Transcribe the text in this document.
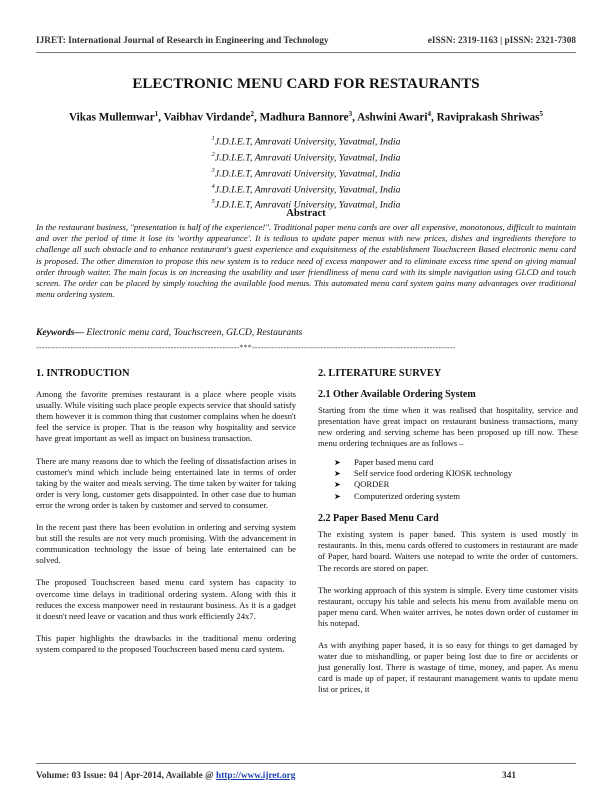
IJRET: International Journal of Research in Engineering and Technology	eISSN: 2319-1163 | pISSN: 2321-7308
ELECTRONIC MENU CARD FOR RESTAURANTS
Vikas Mullemwar$^1$, Vaibhav Virdande$^2$, Madhura Bannore$^3$, Ashwini Awari$^4$, Raviprakash Shriwas$^5$
$^1$J.D.I.E.T, Amravati University, Yavatmal, India
$^2$J.D.I.E.T, Amravati University, Yavatmal, India
$^3$J.D.I.E.T, Amravati University, Yavatmal, India
$^4$J.D.I.E.T, Amravati University, Yavatmal, India
$^5$J.D.I.E.T, Amravati University, Yavatmal, India
Abstract
In the restaurant business, "presentation is half of the experience!". Traditional paper menu cards are over all expensive, monotonous, difficult to maintain and over the period of time it lose its 'worthy appearance'. It is tedious to update paper menus with new prices, dishes and ingredients therefore to challenge all such obstacle and to enhance restaurant's guest experience and exquisiteness of the establishment Touchscreen Based electronic menu card is proposed. The other dimension to propose this new system is to reduce need of excess manpower and to eliminate excess time spend on giving manual order through waiter. The main focus is on increasing the usability and user friendliness of menu card with its simple navigation using GLCD and touch screen. The order can be placed by simply touching the available food menus. This automated menu card system gains many advantages over traditional menu ordering system.
Keywords— Electronic menu card, Touchscreen, GLCD, Restaurants
-----------------------------------------------------------------------***-----------------------------------------------------------------------
1. INTRODUCTION

Among the favorite premises restaurant is a place where people visits usually. While visiting such place people expects service that should satisfy them however it is common thing that customer complains when he doesn't feel the service is proper. That is the reason why hospitality and service have great important as well as impact on business transaction.

There are many reasons due to which the feeling of dissatisfaction arises in customer's mind which include being entertained late in terms of order taking by the waiter and meals serving. The time taken by waiter for taking order is very long, customer gets disappointed. In other case due to human error the wrong order is taken by customer and served to consumer.

In the recent past there has been evolution in ordering and serving system but still the results are not very much promising. With the advancement in communication technology the issue of being late entertained can be solved.

The proposed Touchscreen based menu card system has capacity to overcome time delays in traditional ordering system. Along with this it reduces the excess manpower need in restaurant business. As it is a gadget it doesn't need leave or vacation and thus work efficiently 24x7.

This paper highlights the drawbacks in the traditional menu ordering system compared to the proposed Touchscreen based menu card system.

2. LITERATURE SURVEY
2.1 Other Available Ordering System

Starting from the time when it was realised that hospitality, service and presentation have great impact on restaurant business transactions, many new ordering and serving scheme has been proposed up till now. These menu ordering techniques are as follows –

➤ Paper based menu card
➤ Self service food ordering KIOSK technology
➤ QORDER
➤ Computerized ordering system
2.2 Paper Based Menu Card

The existing system is paper based. This system is used mostly in restaurants. In this, menu cards offered to customers in restaurant are made of Paper, hard board. Waiters use notepad to write the order of customers. The records are stored on paper.

The working approach of this system is simple. Every time customer visits restaurant, occupy his table and selects his menu from available menu on paper menu card. When waiter arrives, he notes down order of customer in his notepad.

As with anything paper based, it is so easy for things to get damaged by water due to mishandling, or paper being lost due to fire or accidents or just generally lost. There is wastage of time, money, and paper. As menu card is made up of paper, if restaurant management wants to update menu list or prices, it

Volume: 03 Issue: 04 | Apr-2014, Available @ http://www.ijret.org	341
